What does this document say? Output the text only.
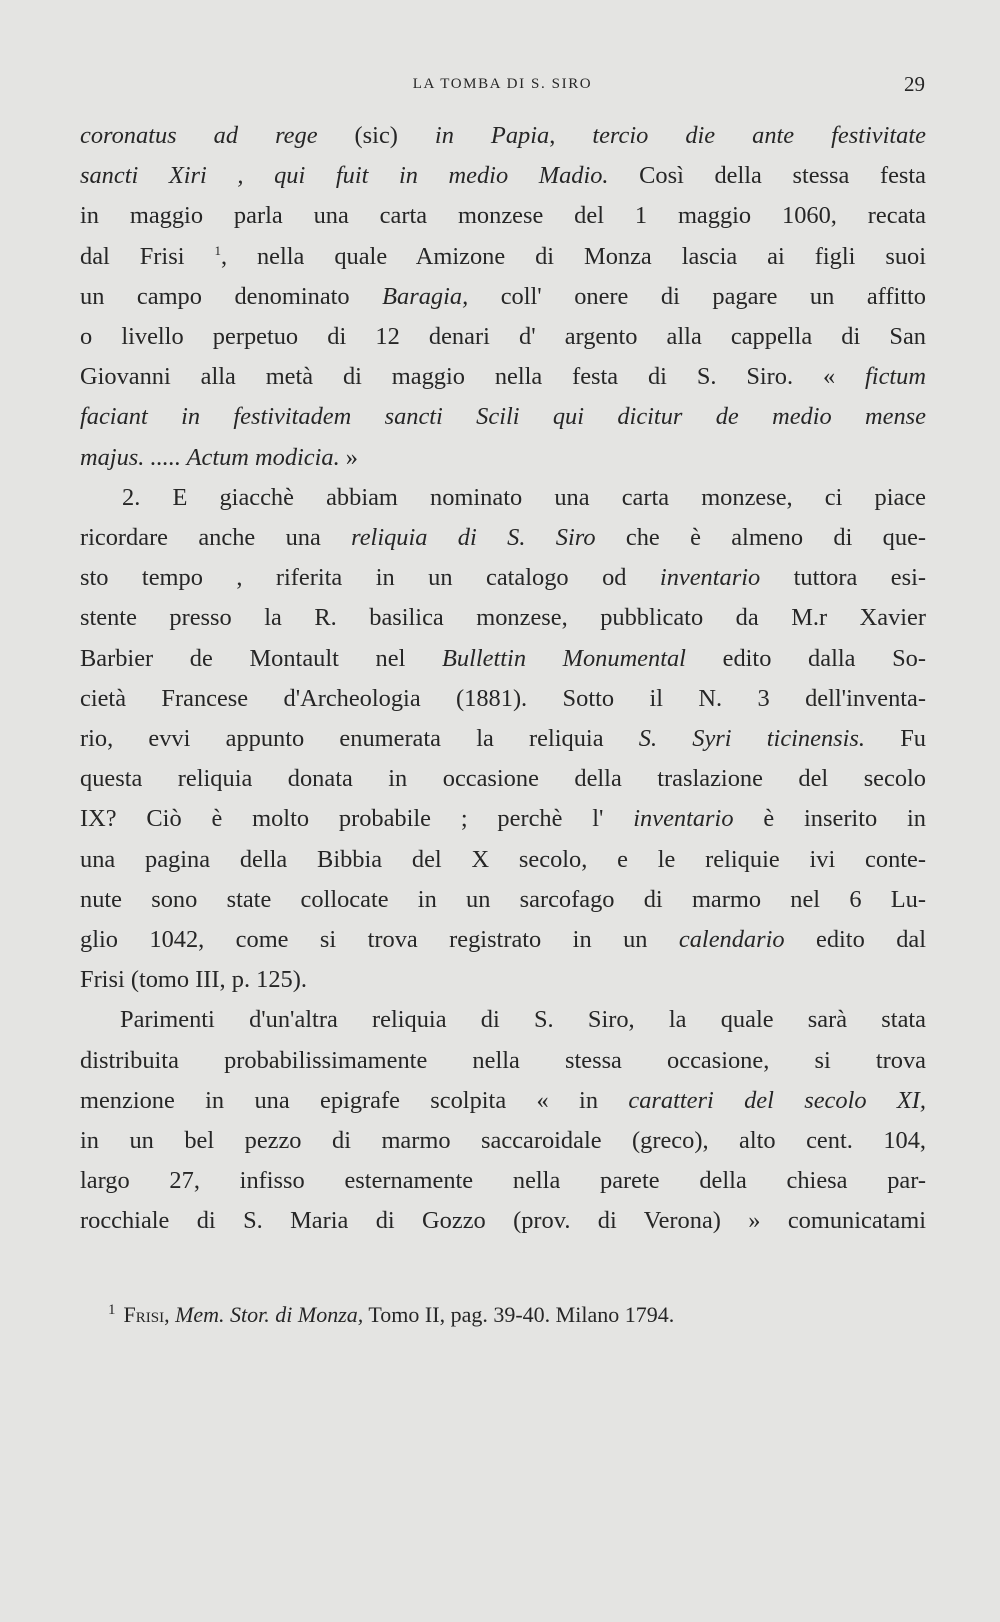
LA TOMBA DI S. SIRO	29
coronatus ad rege (sic) in Papia, tercio die ante festivitate
sancti Xiri , qui fuit in medio Madio. Così della stessa festa
in maggio parla una carta monzese del 1 maggio 1060, recata
dal Frisi $^1$, nella quale Amizone di Monza lascia ai figli suoi
un campo denominato Baragia, coll' onere di pagare un affitto
o livello perpetuo di 12 denari d' argento alla cappella di San
Giovanni alla metà di maggio nella festa di S. Siro. « fictum
faciant in festivitadem sancti Scili qui dicitur de medio mense
majus. ..... Actum modicia. »
2. E giacchè abbiam nominato una carta monzese, ci piace
ricordare anche una reliquia di S. Siro che è almeno di que-
sto tempo , riferita in un catalogo od inventario tuttora esi-
stente presso la R. basilica monzese, pubblicato da M.r Xavier
Barbier de Montault nel Bullettin Monumental edito dalla So-
cietà Francese d'Archeologia (1881). Sotto il N. 3 dell'inventa-
rio, evvi appunto enumerata la reliquia S. Syri ticinensis. Fu
questa reliquia donata in occasione della traslazione del secolo
IX? Ciò è molto probabile ; perchè l' inventario è inserito in
una pagina della Bibbia del X secolo, e le reliquie ivi conte-
nute sono state collocate in un sarcofago di marmo nel 6 Lu-
glio 1042, come si trova registrato in un calendario edito dal
Frisi (tomo III, p. 125).
Parimenti d'un'altra reliquia di S. Siro, la quale sarà stata
distribuita probabilissimamente nella stessa occasione, si trova
menzione in una epigrafe scolpita « in caratteri del secolo XI,
in un bel pezzo di marmo saccaroidale (greco), alto cent. 104,
largo 27, infisso esternamente nella parete della chiesa par-
rocchiale di S. Maria di Gozzo (prov. di Verona) » comunicatami
$^1$ Frisi, Mem. Stor. di Monza, Tomo II, pag. 39-40. Milano 1794.
